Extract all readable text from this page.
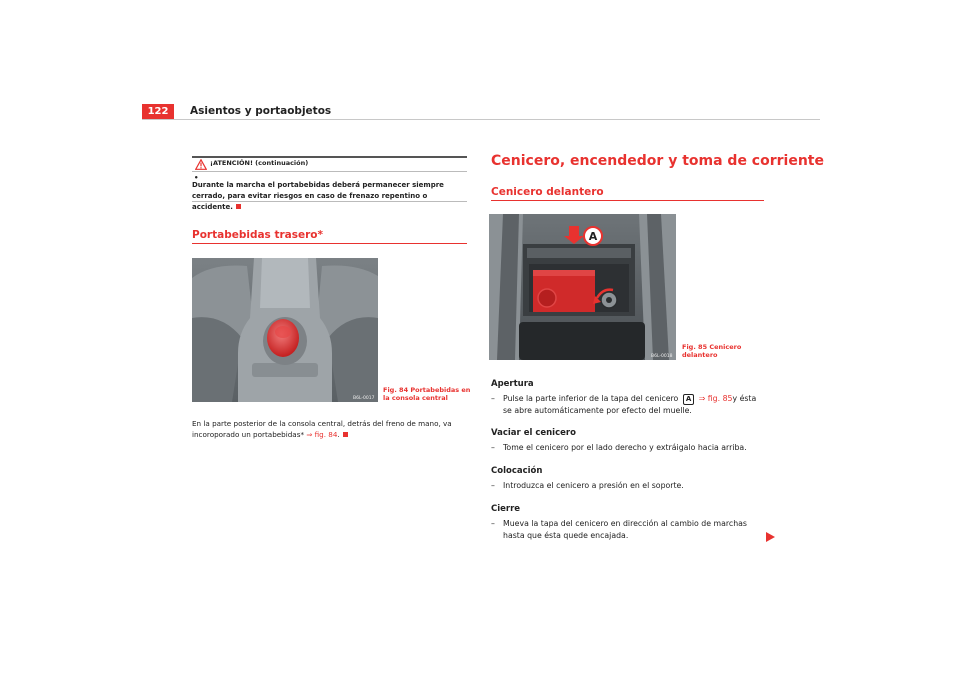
122	Asientos y portaobjetos
¡ATENCIÓN! (continuación)
•
Durante la marcha el portabebidas deberá permanecer siempre cerrado, para evitar riesgos en caso de frenazo repentino o accidente.
Portabebidas trasero*
B6L-0017
Fig. 84 Portabebidas en la consola central
En la parte posterior de la consola central, detrás del freno de mano, va incoroporado un portabebidas* ⇒ fig. 84.
Cenicero, encendedor y toma de corriente
Cenicero delantero
A
B6L-0018
Fig. 85 Cenicero delantero
Apertura
–	Pulse la parte inferior de la tapa del cenicero A ⇒ fig. 85y ésta se abre automáticamente por efecto del muelle.
Vaciar el cenicero
–	Tome el cenicero por el lado derecho y extráigalo hacia arriba.
Colocación
–	Introduzca el cenicero a presión en el soporte.
Cierre
–	Mueva la tapa del cenicero en dirección al cambio de marchas hasta que ésta quede encajada.
